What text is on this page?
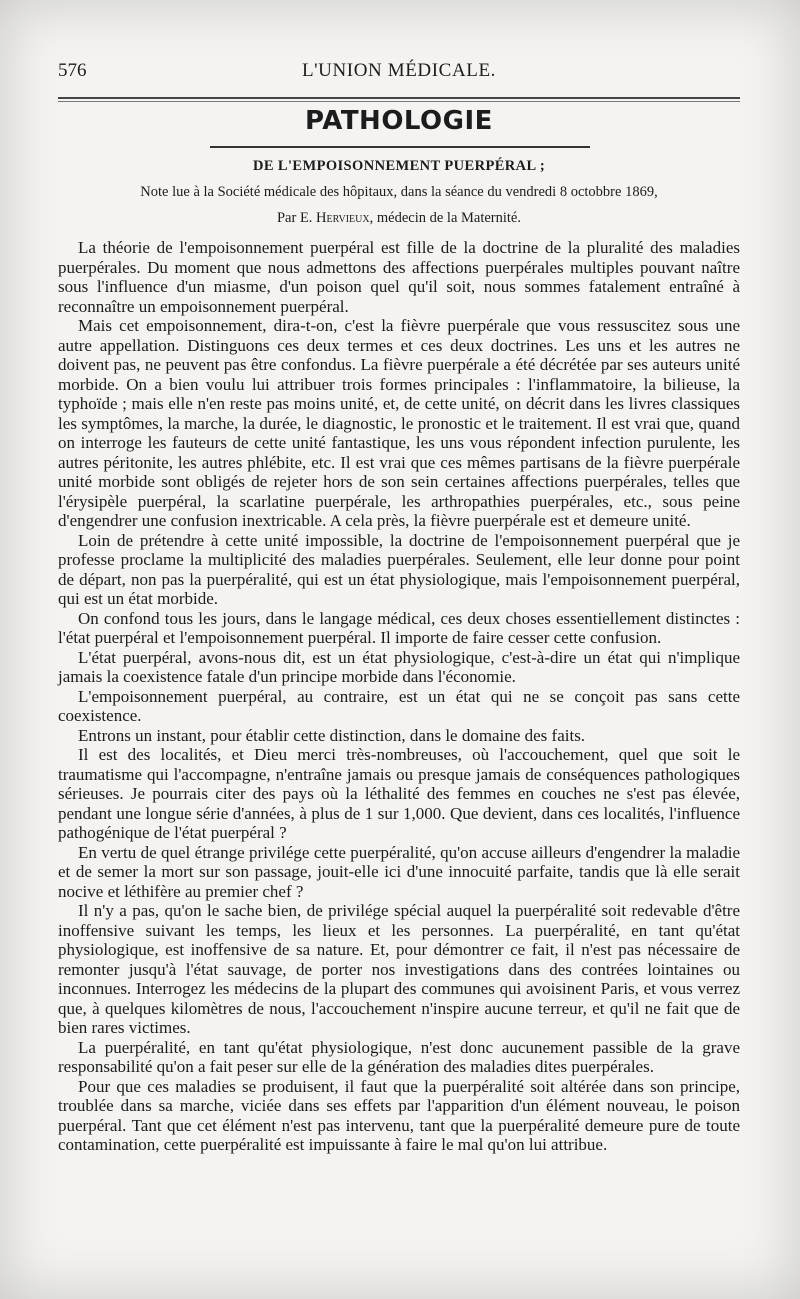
576	L'UNION MÉDICALE.
PATHOLOGIE
DE L'EMPOISONNEMENT PUERPÉRAL ;
Note lue à la Société médicale des hôpitaux, dans la séance du vendredi 8 octobbre 1869,
Par E. Hervieux, médecin de la Maternité.

La théorie de l'empoisonnement puerpéral est fille de la doctrine de la pluralité des maladies puerpérales. Du moment que nous admettons des affections puerpérales multiples pouvant naître sous l'influence d'un miasme, d'un poison quel qu'il soit, nous sommes fatalement entraîné à reconnaître un empoisonnement puerpéral.

Mais cet empoisonnement, dira-t-on, c'est la fièvre puerpérale que vous ressuscitez sous une autre appellation. Distinguons ces deux termes et ces deux doctrines. Les uns et les autres ne doivent pas, ne peuvent pas être confondus. La fièvre puerpérale a été décrétée par ses auteurs unité morbide. On a bien voulu lui attribuer trois formes principales : l'inflammatoire, la bilieuse, la typhoïde ; mais elle n'en reste pas moins unité, et, de cette unité, on décrit dans les livres classiques les symptômes, la marche, la durée, le diagnostic, le pronostic et le traitement. Il est vrai que, quand on interroge les fauteurs de cette unité fantastique, les uns vous répondent infection purulente, les autres péritonite, les autres phlébite, etc. Il est vrai que ces mêmes partisans de la fièvre puerpérale unité morbide sont obligés de rejeter hors de son sein certaines affections puerpérales, telles que l'érysipèle puerpéral, la scarlatine puerpérale, les arthropathies puerpérales, etc., sous peine d'engendrer une confusion inextricable. A cela près, la fièvre puerpérale est et demeure unité.

Loin de prétendre à cette unité impossible, la doctrine de l'empoisonnement puerpéral que je professe proclame la multiplicité des maladies puerpérales. Seulement, elle leur donne pour point de départ, non pas la puerpéralité, qui est un état physiologique, mais l'empoisonnement puerpéral, qui est un état morbide.

On confond tous les jours, dans le langage médical, ces deux choses essentiellement distinctes : l'état puerpéral et l'empoisonnement puerpéral. Il importe de faire cesser cette confusion.

L'état puerpéral, avons-nous dit, est un état physiologique, c'est-à-dire un état qui n'implique jamais la coexistence fatale d'un principe morbide dans l'économie.

L'empoisonnement puerpéral, au contraire, est un état qui ne se conçoit pas sans cette coexistence.

Entrons un instant, pour établir cette distinction, dans le domaine des faits.

Il est des localités, et Dieu merci très-nombreuses, où l'accouchement, quel que soit le traumatisme qui l'accompagne, n'entraîne jamais ou presque jamais de conséquences pathologiques sérieuses. Je pourrais citer des pays où la léthalité des femmes en couches ne s'est pas élevée, pendant une longue série d'années, à plus de 1 sur 1,000. Que devient, dans ces localités, l'influence pathogénique de l'état puerpéral ?

En vertu de quel étrange privilége cette puerpéralité, qu'on accuse ailleurs d'engendrer la maladie et de semer la mort sur son passage, jouit-elle ici d'une innocuité parfaite, tandis que là elle serait nocive et léthifère au premier chef ?

Il n'y a pas, qu'on le sache bien, de privilége spécial auquel la puerpéralité soit redevable d'être inoffensive suivant les temps, les lieux et les personnes. La puerpéralité, en tant qu'état physiologique, est inoffensive de sa nature. Et, pour démontrer ce fait, il n'est pas nécessaire de remonter jusqu'à l'état sauvage, de porter nos investigations dans des contrées lointaines ou inconnues. Interrogez les médecins de la plupart des communes qui avoisinent Paris, et vous verrez que, à quelques kilomètres de nous, l'accouchement n'inspire aucune terreur, et qu'il ne fait que de bien rares victimes.

La puerpéralité, en tant qu'état physiologique, n'est donc aucunement passible de la grave responsabilité qu'on a fait peser sur elle de la génération des maladies dites puerpérales.

Pour que ces maladies se produisent, il faut que la puerpéralité soit altérée dans son principe, troublée dans sa marche, viciée dans ses effets par l'apparition d'un élément nouveau, le poison puerpéral. Tant que cet élément n'est pas intervenu, tant que la puerpéralité demeure pure de toute contamination, cette puerpéralité est impuissante à faire le mal qu'on lui attribue.
